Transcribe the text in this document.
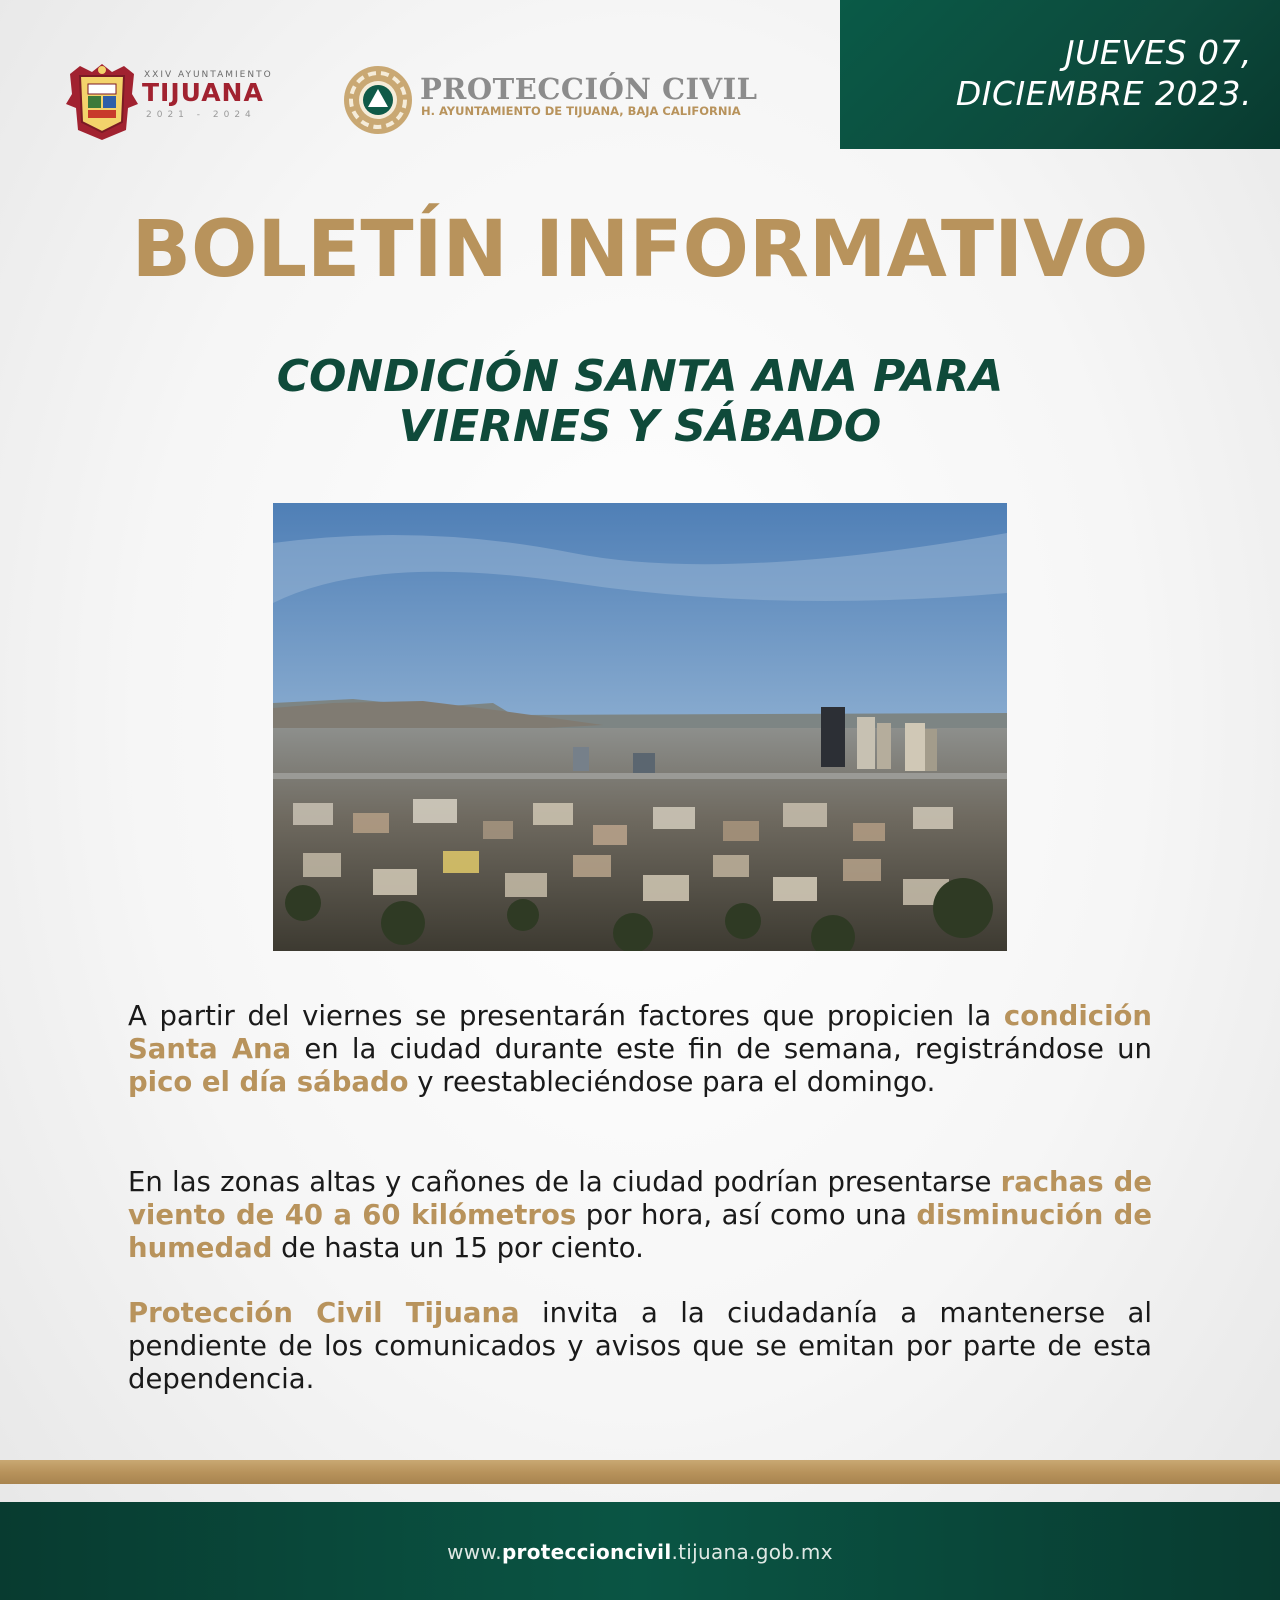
JUEVES 07,
DICIEMBRE 2023.
XXIV AYUNTAMIENTO
TIJUANA
2021 - 2024
PROTECCIÓN CIVIL
H. AYUNTAMIENTO DE TIJUANA, BAJA CALIFORNIA
BOLETÍN INFORMATIVO
CONDICIÓN SANTA ANA PARA
VIERNES Y SÁBADO
A partir del viernes se presentarán factores que propicien la condición Santa Ana en la ciudad durante este fin de semana, registrándose un pico el día sábado y reestableciéndose para el domingo.
En las zonas altas y cañones de la ciudad podrían presentarse rachas de viento de 40 a 60 kilómetros por hora, así como una disminución de humedad de hasta un 15 por ciento.
Protección Civil Tijuana invita a la ciudadanía a mantenerse al pendiente de los comunicados y avisos que se emitan por parte de esta dependencia.
www.proteccioncivil.tijuana.gob.mx
